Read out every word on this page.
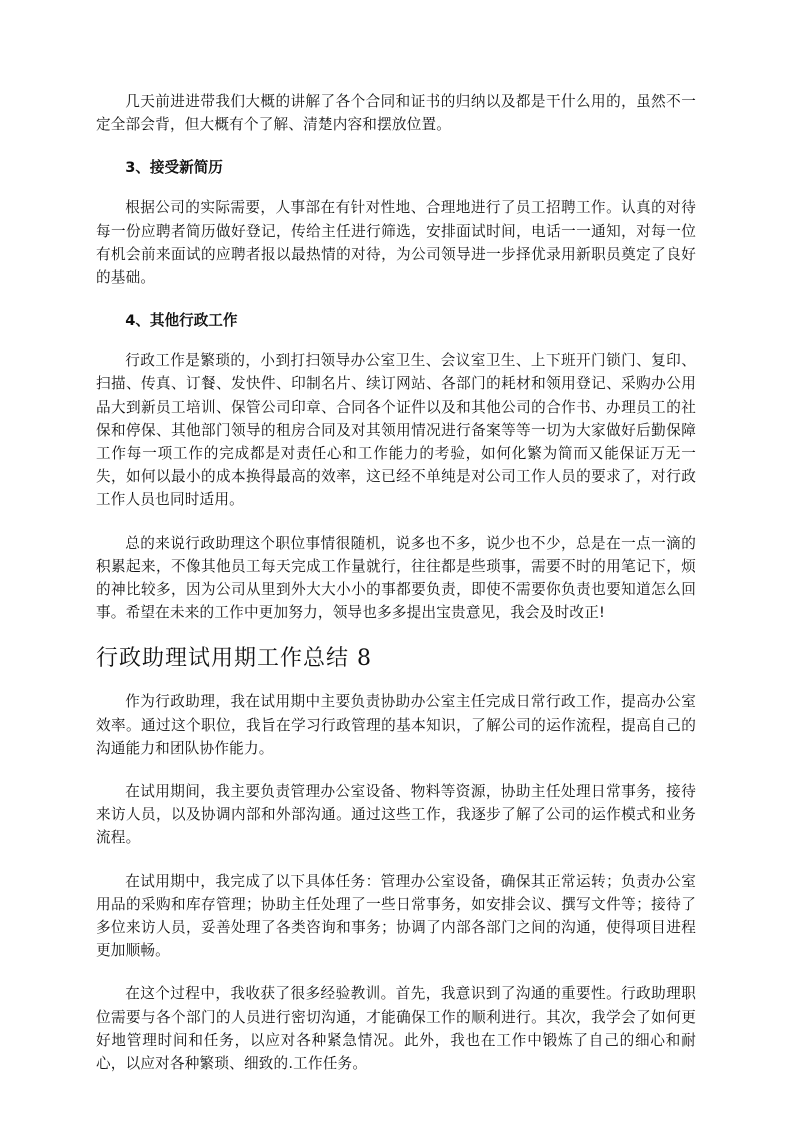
几天前进进带我们大概的讲解了各个合同和证书的归纳以及都是干什么用的，虽然不一定全部会背，但大概有个了解、清楚内容和摆放位置。

3、接受新简历

根据公司的实际需要，人事部在有针对性地、合理地进行了员工招聘工作。认真的对待每一份应聘者简历做好登记，传给主任进行筛选，安排面试时间，电话一一通知，对每一位有机会前来面试的应聘者报以最热情的对待，为公司领导进一步择优录用新职员奠定了良好的基础。

4、其他行政工作

行政工作是繁琐的，小到打扫领导办公室卫生、会议室卫生、上下班开门锁门、复印、扫描、传真、订餐、发快件、印制名片、续订网站、各部门的耗材和领用登记、采购办公用品大到新员工培训、保管公司印章、合同各个证件以及和其他公司的合作书、办理员工的社保和停保、其他部门领导的租房合同及对其领用情况进行备案等等一切为大家做好后勤保障工作每一项工作的完成都是对责任心和工作能力的考验，如何化繁为简而又能保证万无一失，如何以最小的成本换得最高的效率，这已经不单纯是对公司工作人员的要求了，对行政工作人员也同时适用。

总的来说行政助理这个职位事情很随机，说多也不多，说少也不少，总是在一点一滴的积累起来，不像其他员工每天完成工作量就行，往往都是些琐事，需要不时的用笔记下，烦的神比较多，因为公司从里到外大大小小的事都要负责，即使不需要你负责也要知道怎么回事。希望在未来的工作中更加努力，领导也多多提出宝贵意见，我会及时改正!

行政助理试用期工作总结 8

作为行政助理，我在试用期中主要负责协助办公室主任完成日常行政工作，提高办公室效率。通过这个职位，我旨在学习行政管理的基本知识，了解公司的运作流程，提高自己的沟通能力和团队协作能力。

在试用期间，我主要负责管理办公室设备、物料等资源，协助主任处理日常事务，接待来访人员，以及协调内部和外部沟通。通过这些工作，我逐步了解了公司的运作模式和业务流程。

在试用期中，我完成了以下具体任务：管理办公室设备，确保其正常运转；负责办公室用品的采购和库存管理；协助主任处理了一些日常事务，如安排会议、撰写文件等；接待了多位来访人员，妥善处理了各类咨询和事务；协调了内部各部门之间的沟通，使得项目进程更加顺畅。

在这个过程中，我收获了很多经验教训。首先，我意识到了沟通的重要性。行政助理职位需要与各个部门的人员进行密切沟通，才能确保工作的顺利进行。其次，我学会了如何更好地管理时间和任务，以应对各种紧急情况。此外，我也在工作中锻炼了自己的细心和耐心，以应对各种繁琐、细致的.工作任务。
